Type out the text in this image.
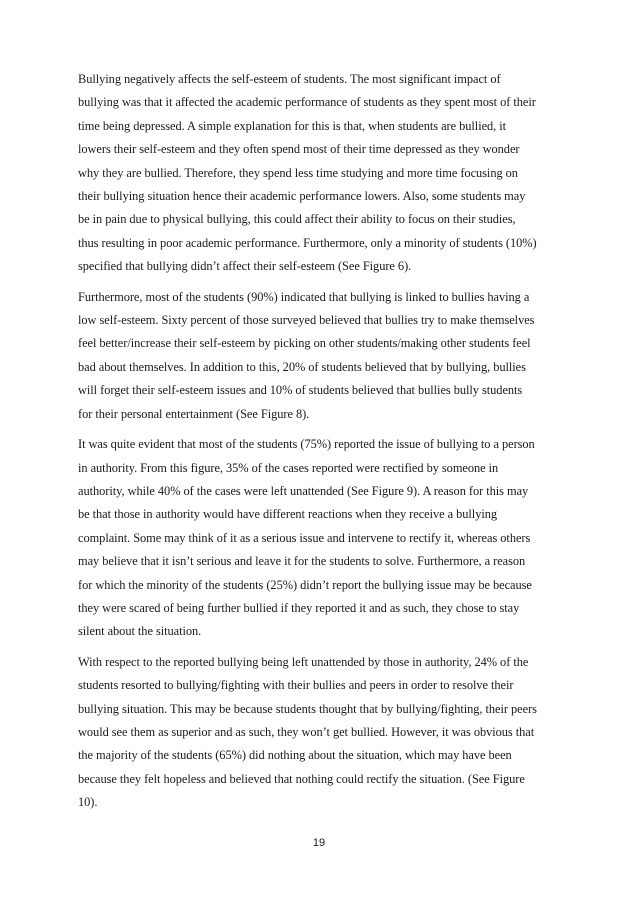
Bullying negatively affects the self-esteem of students. The most significant impact of
bullying was that it affected the academic performance of students as they spent most of their
time being depressed. A simple explanation for this is that, when students are bullied, it
lowers their self-esteem and they often spend most of their time depressed as they wonder
why they are bullied. Therefore, they spend less time studying and more time focusing on
their bullying situation hence their academic performance lowers. Also, some students may
be in pain due to physical bullying, this could affect their ability to focus on their studies,
thus resulting in poor academic performance. Furthermore, only a minority of students (10%)
specified that bullying didn’t affect their self-esteem (See Figure 6).

Furthermore, most of the students (90%) indicated that bullying is linked to bullies having a
low self-esteem. Sixty percent of those surveyed believed that bullies try to make themselves
feel better/increase their self-esteem by picking on other students/making other students feel
bad about themselves. In addition to this, 20% of students believed that by bullying, bullies
will forget their self-esteem issues and 10% of students believed that bullies bully students
for their personal entertainment (See Figure 8).

It was quite evident that most of the students (75%) reported the issue of bullying to a person
in authority. From this figure, 35% of the cases reported were rectified by someone in
authority, while 40% of the cases were left unattended (See Figure 9). A reason for this may
be that those in authority would have different reactions when they receive a bullying
complaint. Some may think of it as a serious issue and intervene to rectify it, whereas others
may believe that it isn’t serious and leave it for the students to solve. Furthermore, a reason
for which the minority of the students (25%) didn’t report the bullying issue may be because
they were scared of being further bullied if they reported it and as such, they chose to stay
silent about the situation.

With respect to the reported bullying being left unattended by those in authority, 24% of the
students resorted to bullying/fighting with their bullies and peers in order to resolve their
bullying situation. This may be because students thought that by bullying/fighting, their peers
would see them as superior and as such, they won’t get bullied. However, it was obvious that
the majority of the students (65%) did nothing about the situation, which may have been
because they felt hopeless and believed that nothing could rectify the situation. (See Figure
10).

19
